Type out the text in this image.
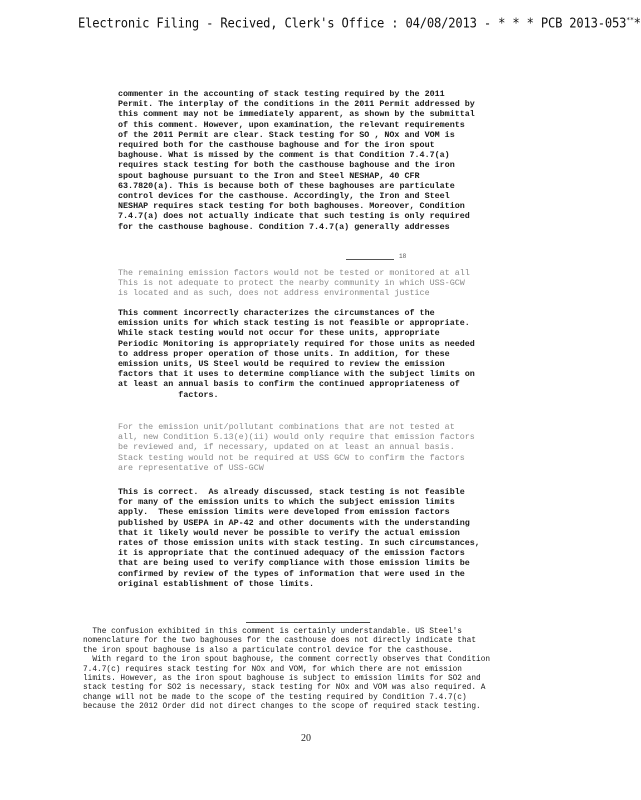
Electronic Filing - Recived, Clerk's Office : 04/08/2013 - * * * PCB 2013-053***
commenter in the accounting of stack testing required by the 2011
Permit. The interplay of the conditions in the 2011 Permit addressed by
this comment may not be immediately apparent, as shown by the submittal
of this comment. However, upon examination, the relevant requirements
of the 2011 Permit are clear. Stack testing for SO , NOx and VOM is
required both for the casthouse baghouse and for the iron spout
baghouse. What is missed by the comment is that Condition 7.4.7(a)
requires stack testing for both the casthouse baghouse and the iron
spout baghouse pursuant to the Iron and Steel NESHAP, 40 CFR
63.7820(a). This is because both of these baghouses are particulate
control devices for the casthouse. Accordingly, the Iron and Steel
NESHAP requires stack testing for both baghouses. Moreover, Condition
7.4.7(a) does not actually indicate that such testing is only required
for the casthouse baghouse. Condition 7.4.7(a) generally addresses
18
The remaining emission factors would not be tested or monitored at all
This is not adequate to protect the nearby community in which USS-GCW
is located and as such, does not address environmental justice
This comment incorrectly characterizes the circumstances of the
emission units for which stack testing is not feasible or appropriate.
While stack testing would not occur for these units, appropriate
Periodic Monitoring is appropriately required for those units as needed
to address proper operation of those units. In addition, for these
emission units, US Steel would be required to review the emission
factors that it uses to determine compliance with the subject limits on
at least an annual basis to confirm the continued appropriateness of
factors.
For the emission unit/pollutant combinations that are not tested at
all, new Condition 5.13(e)(ii) would only require that emission factors
be reviewed and, if necessary, updated on at least an annual basis.
Stack testing would not be required at USS GCW to confirm the factors
are representative of USS-GCW
This is correct.  As already discussed, stack testing is not feasible
for many of the emission units to which the subject emission limits
apply.  These emission limits were developed from emission factors
published by USEPA in AP-42 and other documents with the understanding
that it likely would never be possible to verify the actual emission
rates of those emission units with stack testing. In such circumstances,
it is appropriate that the continued adequacy of the emission factors
that are being used to verify compliance with those emission limits be
confirmed by review of the types of information that were used in the
original establishment of those limits.
The confusion exhibited in this comment is certainly understandable. US Steel's
nomenclature for the two baghouses for the casthouse does not directly indicate that
the iron spout baghouse is also a particulate control device for the casthouse.
With regard to the iron spout baghouse, the comment correctly observes that Condition
7.4.7(c) requires stack testing for NOx and VOM, for which there are not emission
limits. However, as the iron spout baghouse is subject to emission limits for SO2 and
stack testing for SO2 is necessary, stack testing for NOx and VOM was also required. A
change will not be made to the scope of the testing required by Condition 7.4.7(c)
because the 2012 Order did not direct changes to the scope of required stack testing.
20
